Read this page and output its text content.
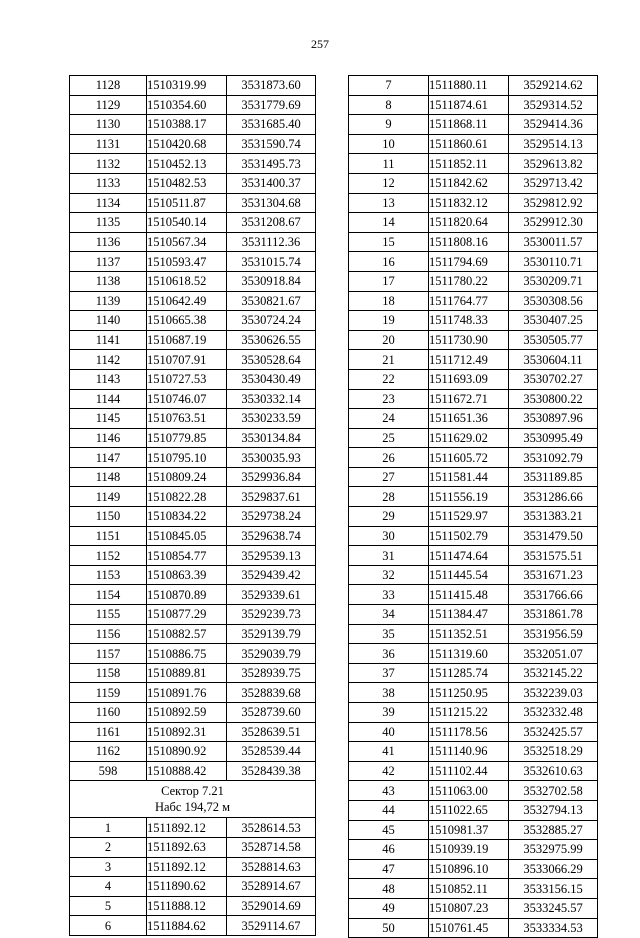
257
1128	1510319.99	3531873.60
1129	1510354.60	3531779.69
1130	1510388.17	3531685.40
1131	1510420.68	3531590.74
1132	1510452.13	3531495.73
1133	1510482.53	3531400.37
1134	1510511.87	3531304.68
1135	1510540.14	3531208.67
1136	1510567.34	3531112.36
1137	1510593.47	3531015.74
1138	1510618.52	3530918.84
1139	1510642.49	3530821.67
1140	1510665.38	3530724.24
1141	1510687.19	3530626.55
1142	1510707.91	3530528.64
1143	1510727.53	3530430.49
1144	1510746.07	3530332.14
1145	1510763.51	3530233.59
1146	1510779.85	3530134.84
1147	1510795.10	3530035.93
1148	1510809.24	3529936.84
1149	1510822.28	3529837.61
1150	1510834.22	3529738.24
1151	1510845.05	3529638.74
1152	1510854.77	3529539.13
1153	1510863.39	3529439.42
1154	1510870.89	3529339.61
1155	1510877.29	3529239.73
1156	1510882.57	3529139.79
1157	1510886.75	3529039.79
1158	1510889.81	3528939.75
1159	1510891.76	3528839.68
1160	1510892.59	3528739.60
1161	1510892.31	3528639.51
1162	1510890.92	3528539.44
598	1510888.42	3528439.38

Сектор 7.21
Набс 194,72 м		

1	1511892.12	3528614.53
2	1511892.63	3528714.58
3	1511892.12	3528814.63
4	1511890.62	3528914.67
5	1511888.12	3529014.69
6	1511884.62	3529114.67
7	1511880.11	3529214.62
8	1511874.61	3529314.52
9	1511868.11	3529414.36
10	1511860.61	3529514.13
11	1511852.11	3529613.82
12	1511842.62	3529713.42
13	1511832.12	3529812.92
14	1511820.64	3529912.30
15	1511808.16	3530011.57
16	1511794.69	3530110.71
17	1511780.22	3530209.71
18	1511764.77	3530308.56
19	1511748.33	3530407.25
20	1511730.90	3530505.77
21	1511712.49	3530604.11
22	1511693.09	3530702.27
23	1511672.71	3530800.22
24	1511651.36	3530897.96
25	1511629.02	3530995.49
26	1511605.72	3531092.79
27	1511581.44	3531189.85
28	1511556.19	3531286.66
29	1511529.97	3531383.21
30	1511502.79	3531479.50
31	1511474.64	3531575.51
32	1511445.54	3531671.23
33	1511415.48	3531766.66
34	1511384.47	3531861.78
35	1511352.51	3531956.59
36	1511319.60	3532051.07
37	1511285.74	3532145.22
38	1511250.95	3532239.03
39	1511215.22	3532332.48
40	1511178.56	3532425.57
41	1511140.96	3532518.29
42	1511102.44	3532610.63
43	1511063.00	3532702.58
44	1511022.65	3532794.13
45	1510981.37	3532885.27
46	1510939.19	3532975.99
47	1510896.10	3533066.29
48	1510852.11	3533156.15
49	1510807.23	3533245.57
50	1510761.45	3533334.53
